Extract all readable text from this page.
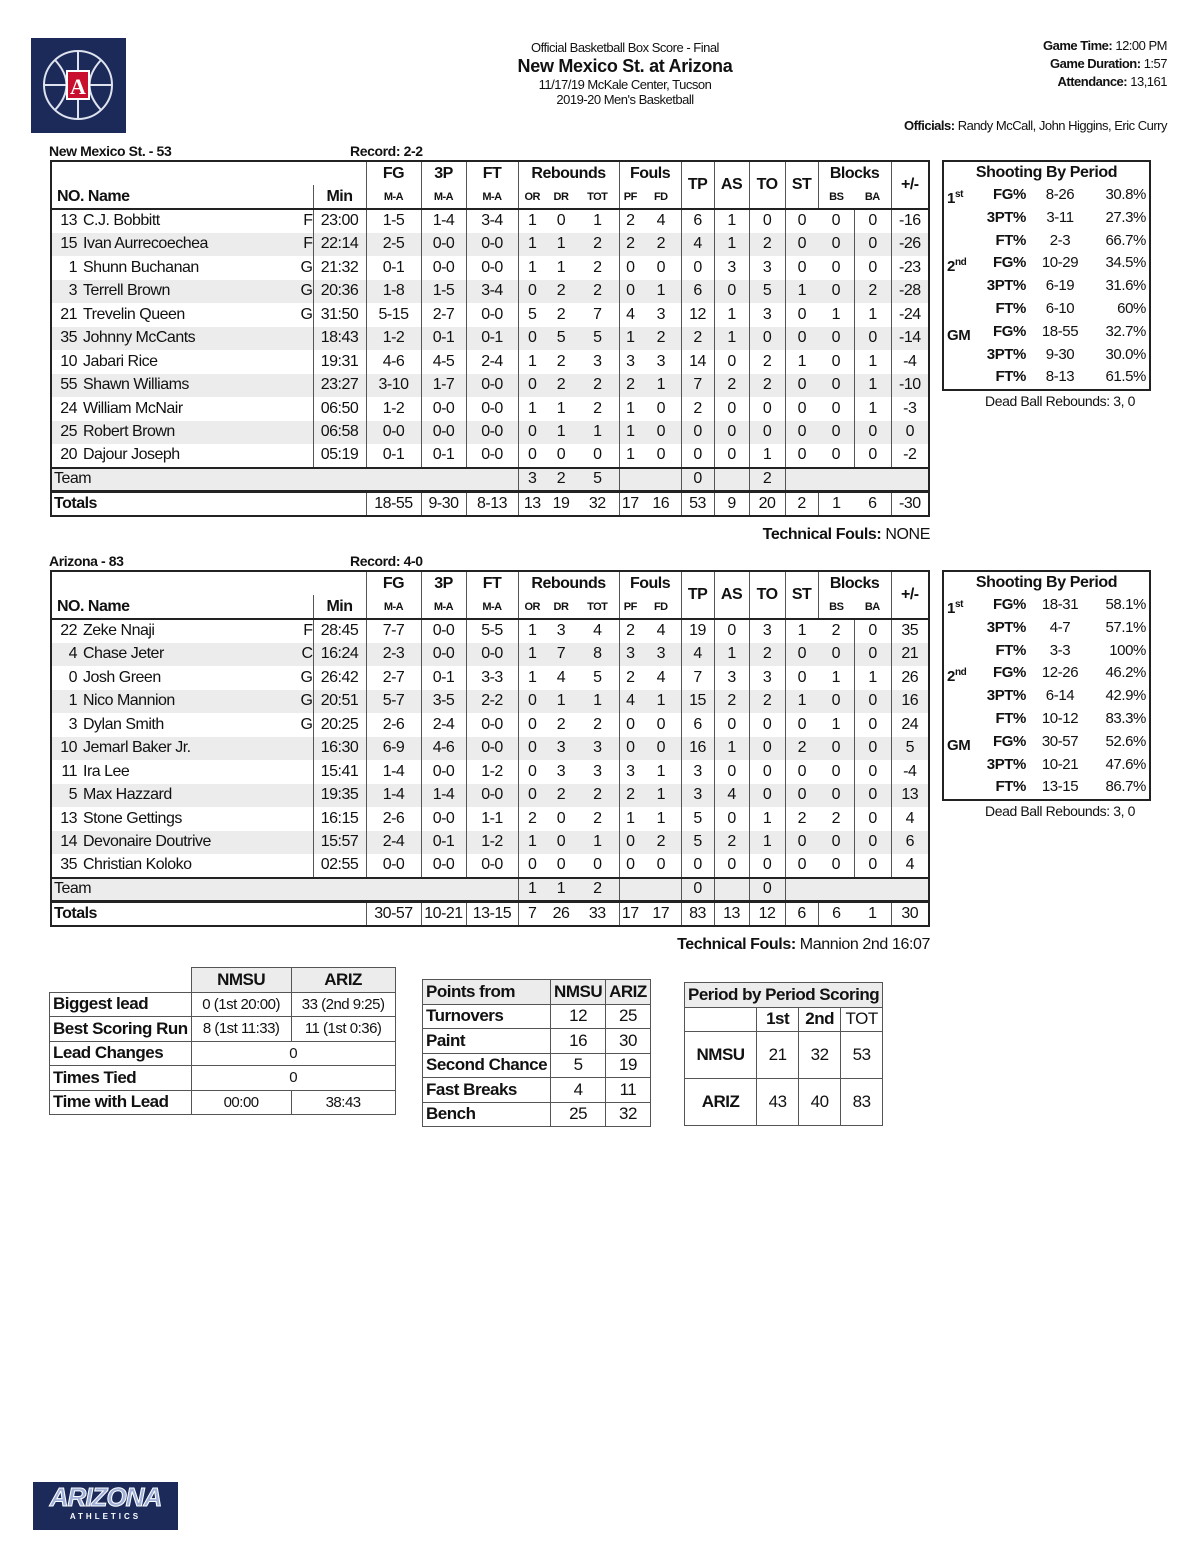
A
Official Basketball Box Score - Final
New Mexico St. at Arizona
11/17/19 McKale Center, Tucson
2019-20 Men's Basketball
Game Time: 12:00 PM
Game Duration: 1:57
Attendance: 13,161
Officials: Randy McCall, John Higgins, Eric Curry
New Mexico St. - 53	Record: 2-2
				FG	3P	FT	Rebounds			Fouls		TP	AS	TO	ST	Blocks		+/-
NO. Name			Min	M-A	M-A	M-A	OR	DR	TOT	PF	FD					BS	BA	
13	C.J. Bobbitt	F	23:00	1-5	1-4	3-4	1	0	1	2	4	6	1	0	0	0	0	-16
15	Ivan Aurrecoechea	F	22:14	2-5	0-0	0-0	1	1	2	2	2	4	1	2	0	0	0	-26
1	Shunn Buchanan	G	21:32	0-1	0-0	0-0	1	1	2	0	0	0	3	3	0	0	0	-23
3	Terrell Brown	G	20:36	1-8	1-5	3-4	0	2	2	0	1	6	0	5	1	0	2	-28
21	Trevelin Queen	G	31:50	5-15	2-7	0-0	5	2	7	4	3	12	1	3	0	1	1	-24
35	Johnny McCants		18:43	1-2	0-1	0-1	0	5	5	1	2	2	1	0	0	0	0	-14
10	Jabari Rice		19:31	4-6	4-5	2-4	1	2	3	3	3	14	0	2	1	0	1	-4
55	Shawn Williams		23:27	3-10	1-7	0-0	0	2	2	2	1	7	2	2	0	0	1	-10
24	William McNair		06:50	1-2	0-0	0-0	1	1	2	1	0	2	0	0	0	0	1	-3
25	Robert Brown		06:58	0-0	0-0	0-0	0	1	1	1	0	0	0	0	0	0	0	0
20	Dajour Joseph		05:19	0-1	0-1	0-0	0	0	0	1	0	0	0	1	0	0	0	-2
Team							3	2	5			0		2				
Totals				18-55	9-30	8-13	13	19	32	17	16	53	9	20	2	1	6	-30
Technical Fouls: NONE
Shooting By Period
1st	FG%	8-26	30.8%
3PT%	3-11	27.3%
FT%	2-3	66.7%
2nd	FG%	10-29	34.5%
3PT%	6-19	31.6%
FT%	6-10	60%
GM	FG%	18-55	32.7%
3PT%	9-30	30.0%
FT%	8-13	61.5%
Dead Ball Rebounds: 3, 0
Arizona - 83	Record: 4-0
				FG	3P	FT	Rebounds			Fouls		TP	AS	TO	ST	Blocks		+/-
NO. Name			Min	M-A	M-A	M-A	OR	DR	TOT	PF	FD					BS	BA	
22	Zeke Nnaji	F	28:45	7-7	0-0	5-5	1	3	4	2	4	19	0	3	1	2	0	35
4	Chase Jeter	C	16:24	2-3	0-0	0-0	1	7	8	3	3	4	1	2	0	0	0	21
0	Josh Green	G	26:42	2-7	0-1	3-3	1	4	5	2	4	7	3	3	0	1	1	26
1	Nico Mannion	G	20:51	5-7	3-5	2-2	0	1	1	4	1	15	2	2	1	0	0	16
3	Dylan Smith	G	20:25	2-6	2-4	0-0	0	2	2	0	0	6	0	0	0	1	0	24
10	Jemarl Baker Jr.		16:30	6-9	4-6	0-0	0	3	3	0	0	16	1	0	2	0	0	5
11	Ira Lee		15:41	1-4	0-0	1-2	0	3	3	3	1	3	0	0	0	0	0	-4
5	Max Hazzard		19:35	1-4	1-4	0-0	0	2	2	2	1	3	4	0	0	0	0	13
13	Stone Gettings		16:15	2-6	0-0	1-1	2	0	2	1	1	5	0	1	2	2	0	4
14	Devonaire Doutrive		15:57	2-4	0-1	1-2	1	0	1	0	2	5	2	1	0	0	0	6
35	Christian Koloko		02:55	0-0	0-0	0-0	0	0	0	0	0	0	0	0	0	0	0	4
Team							1	1	2			0		0				
Totals				30-57	10-21	13-15	7	26	33	17	17	83	13	12	6	6	1	30
Technical Fouls: Mannion 2nd 16:07
Shooting By Period
1st	FG%	18-31	58.1%
3PT%	4-7	57.1%
FT%	3-3	100%
2nd	FG%	12-26	46.2%
3PT%	6-14	42.9%
FT%	10-12	83.3%
GM	FG%	30-57	52.6%
3PT%	10-21	47.6%
FT%	13-15	86.7%
Dead Ball Rebounds: 3, 0
	NMSU	ARIZ
Biggest lead	0 (1st 20:00)	33 (2nd 9:25)
Best Scoring Run	8 (1st 11:33)	11 (1st 0:36)
Lead Changes	0	
Times Tied	0	
Time with Lead	00:00	38:43
Points from	NMSU	ARIZ
Turnovers	12	25
Paint	16	30
Second Chance	5	19
Fast Breaks	4	11
Bench	25	32
Period by Period Scoring			
	1st	2nd	TOT
NMSU	21	32	53
ARIZ	43	40	83
ARIZONA
ATHLETICS
